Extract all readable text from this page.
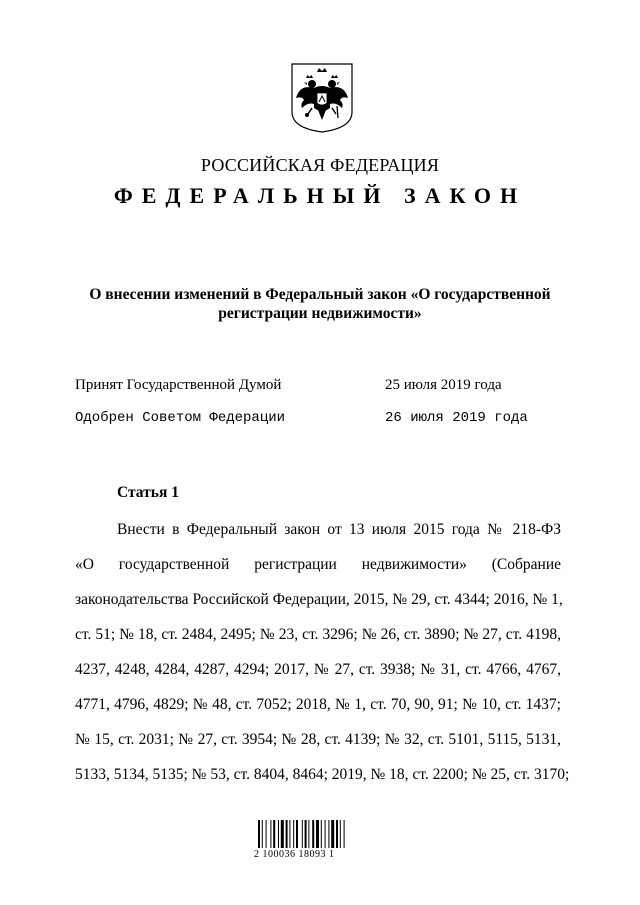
РОССИЙСКАЯ ФЕДЕРАЦИЯ
ФЕДЕРАЛЬНЫЙ ЗАКОН
О внесении изменений в Федеральный закон «О государственной
регистрации недвижимости»
Принят Государственной Думой	25 июля 2019 года
Одобрен Советом Федерации	26 июля 2019 года
Статья 1
Внести в Федеральный закон от 13 июля 2015 года № 218-ФЗ
«О государственной регистрации недвижимости» (Собрание
законодательства Российской Федерации, 2015, № 29, ст. 4344; 2016, № 1,
ст. 51; № 18, ст. 2484, 2495; № 23, ст. 3296; № 26, ст. 3890; № 27, ст. 4198,
4237, 4248, 4284, 4287, 4294; 2017, № 27, ст. 3938; № 31, ст. 4766, 4767,
4771, 4796, 4829; № 48, ст. 7052; 2018, № 1, ст. 70, 90, 91; № 10, ст. 1437;
№ 15, ст. 2031; № 27, ст. 3954; № 28, ст. 4139; № 32, ст. 5101, 5115, 5131,
5133, 5134, 5135; № 53, ст. 8404, 8464; 2019, № 18, ст. 2200; № 25, ст. 3170;
2 100036 18093 1
